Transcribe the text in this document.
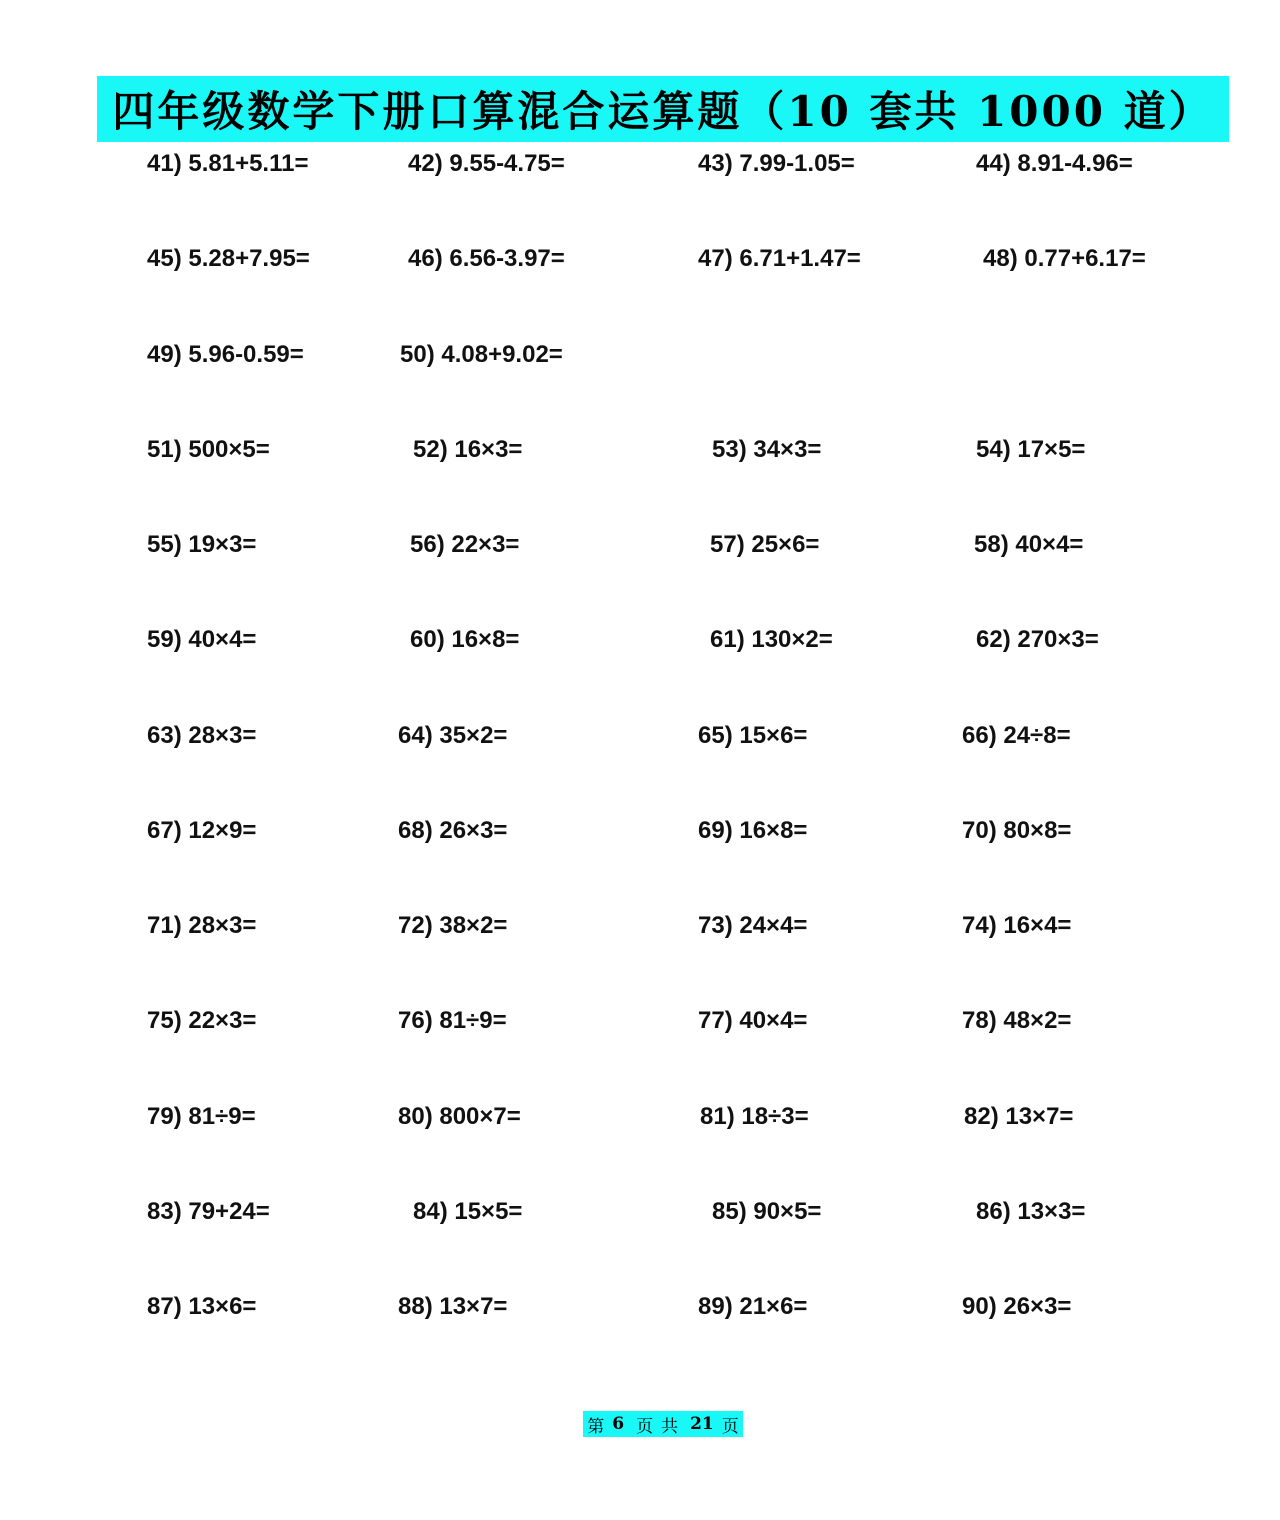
四年级数学下册口算混合运算题（10 套共 1000 道）
41) 5.81+5.11=	42) 9.55-4.75=	43) 7.99-1.05=	44) 8.91-4.96=
45) 5.28+7.95=	46) 6.56-3.97=	47) 6.71+1.47=	48) 0.77+6.17=
49) 5.96-0.59=	50) 4.08+9.02=
51) 500×5=	52) 16×3=	53) 34×3=	54) 17×5=
55) 19×3=	56) 22×3=	57) 25×6=	58) 40×4=
59) 40×4=	60) 16×8=	61) 130×2=	62) 270×3=
63) 28×3=	64) 35×2=	65) 15×6=	66) 24÷8=
67) 12×9=	68) 26×3=	69) 16×8=	70) 80×8=
71) 28×3=	72) 38×2=	73) 24×4=	74) 16×4=
75) 22×3=	76) 81÷9=	77) 40×4=	78) 48×2=
79) 81÷9=	80) 800×7=	81) 18÷3=	82) 13×7=
83) 79+24=	84) 15×5=	85) 90×5=	86) 13×3=
87) 13×6=	88) 13×7=	89) 21×6=	90) 26×3=
第 6 页 共 21 页
